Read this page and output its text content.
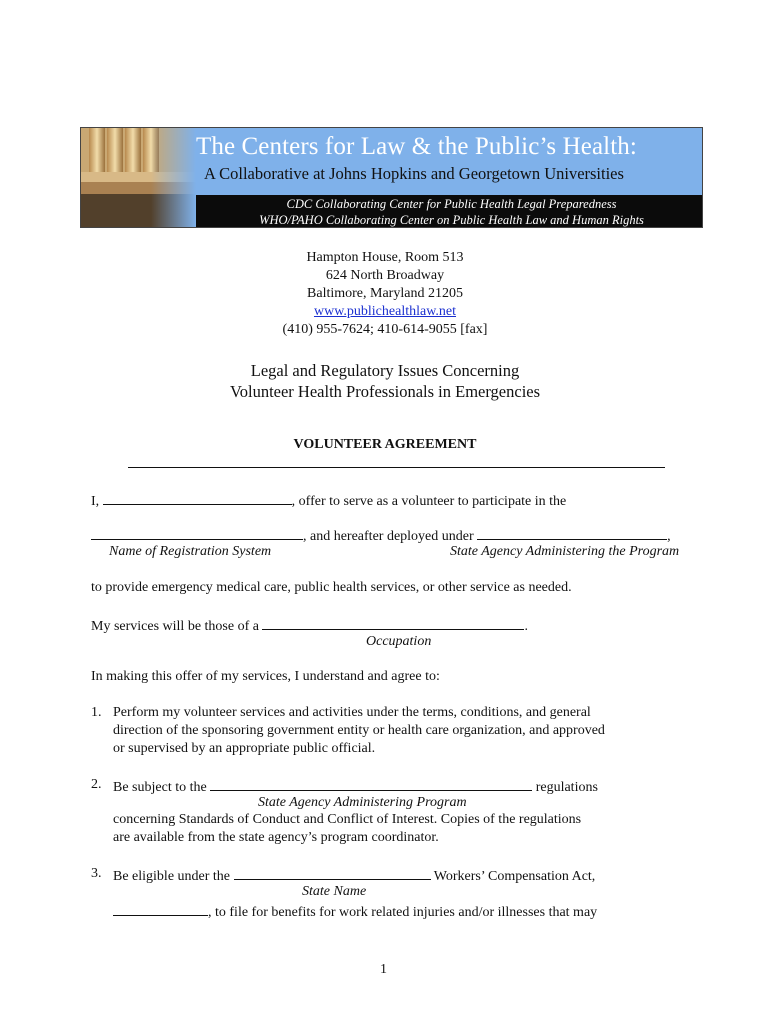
The Centers for Law & the Public’s Health:
A Collaborative at Johns Hopkins and Georgetown Universities
CDC Collaborating Center for Public Health Legal Preparedness
WHO/PAHO Collaborating Center on Public Health Law and Human Rights
Hampton House, Room 513
624 North Broadway
Baltimore, Maryland 21205
www.publichealthlaw.net
(410) 955-7624; 410-614-9055 [fax]
Legal and Regulatory Issues Concerning
Volunteer Health Professionals in Emergencies
VOLUNTEER AGREEMENT
I,	, offer to serve as a volunteer to participate in the
, and hereafter deployed under	,
Name of Registration System	State Agency Administering the Program
to provide emergency medical care, public health services, or other service as needed.
My services will be those of a	.
Occupation
In making this offer of my services, I understand and agree to:
1. Perform my volunteer services and activities under the terms, conditions, and general
direction of the sponsoring government entity or health care organization, and approved
or supervised by an appropriate public official.
2. Be subject to the	regulations
State Agency Administering Program
concerning Standards of Conduct and Conflict of Interest. Copies of the regulations
are available from the state agency’s program coordinator.
3. Be eligible under the	Workers’ Compensation Act,
State Name
, to file for benefits for work related injuries and/or illnesses that may
1
